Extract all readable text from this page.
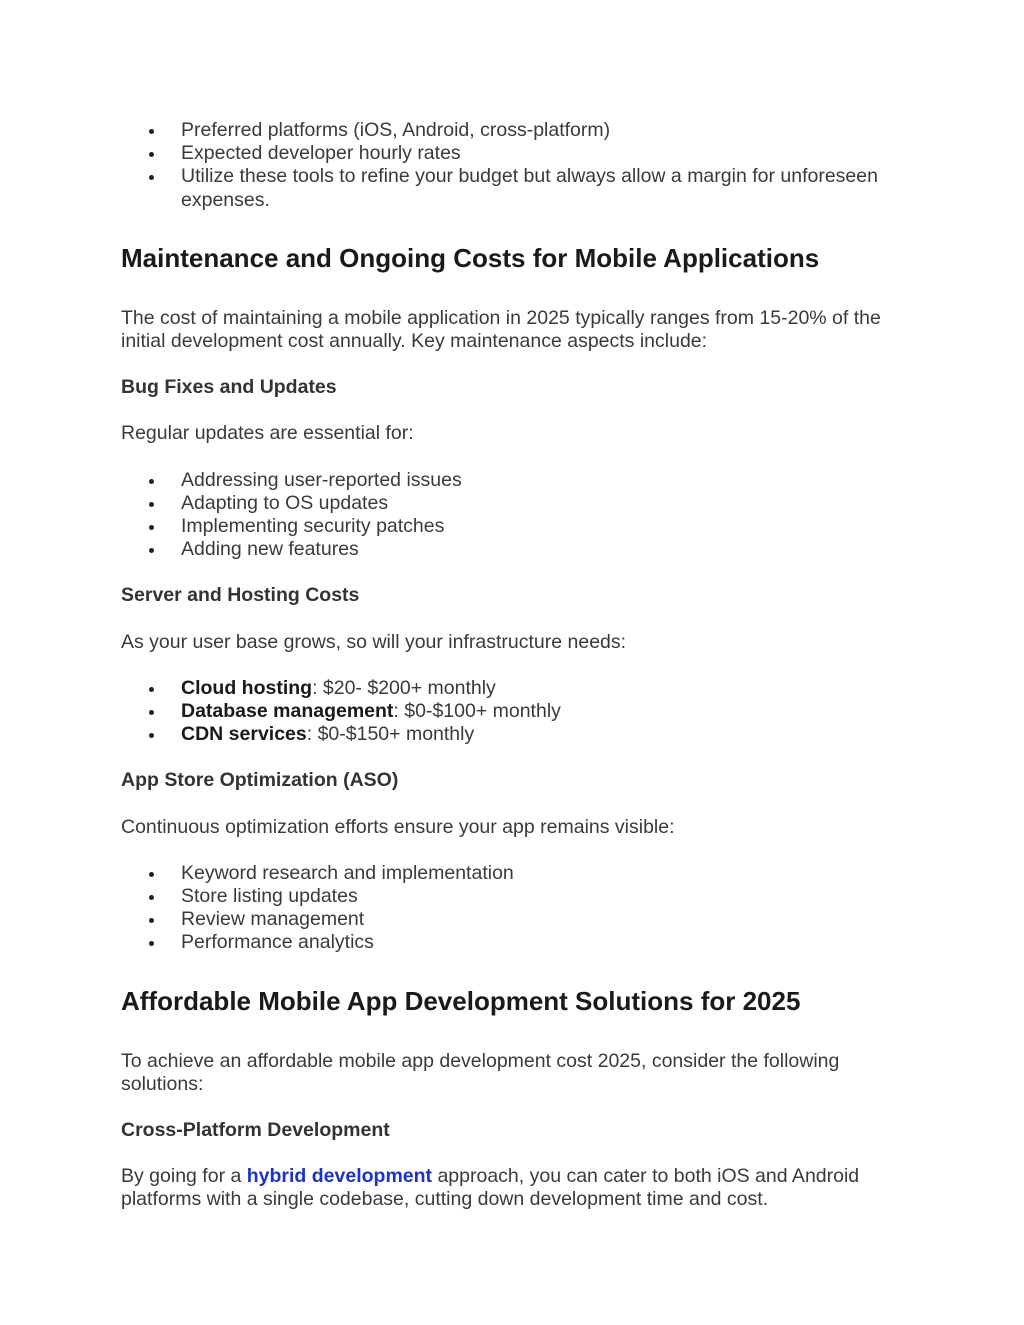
Preferred platforms (iOS, Android, cross-platform)
Expected developer hourly rates
Utilize these tools to refine your budget but always allow a margin for unforeseen expenses.
Maintenance and Ongoing Costs for Mobile Applications

The cost of maintaining a mobile application in 2025 typically ranges from 15-20% of the initial development cost annually. Key maintenance aspects include:

Bug Fixes and Updates

Regular updates are essential for:

Addressing user-reported issues
Adapting to OS updates
Implementing security patches
Adding new features
Server and Hosting Costs

As your user base grows, so will your infrastructure needs:

Cloud hosting: $20- $200+ monthly
Database management: $0-$100+ monthly
CDN services: $0-$150+ monthly
App Store Optimization (ASO)

Continuous optimization efforts ensure your app remains visible:

Keyword research and implementation
Store listing updates
Review management
Performance analytics
Affordable Mobile App Development Solutions for 2025

To achieve an affordable mobile app development cost 2025, consider the following solutions:

Cross-Platform Development

By going for a hybrid development approach, you can cater to both iOS and Android platforms with a single codebase, cutting down development time and cost.
